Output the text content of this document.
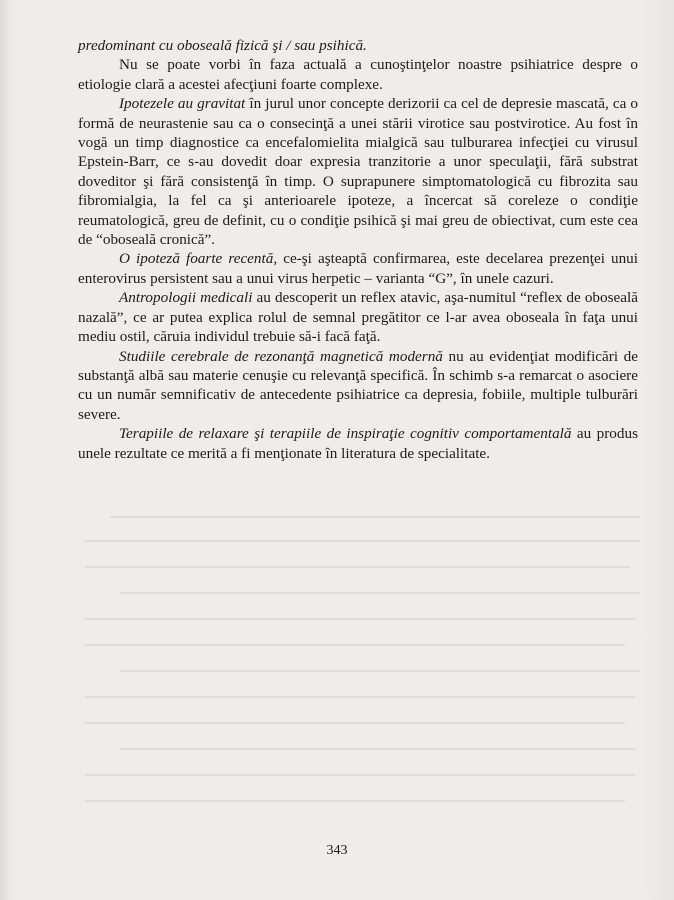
predominant cu oboseală fizică şi / sau psihică.

Nu se poate vorbi în faza actuală a cunoştinţelor noastre psihiatrice despre o etiologie clară a acestei afecţiuni foarte complexe.

Ipotezele au gravitat în jurul unor concepte derizorii ca cel de depresie mascată, ca o formă de neurastenie sau ca o consecinţă a unei stării virotice sau postvirotice. Au fost în vogă un timp diagnostice ca encefalomielita mialgică sau tulburarea infecţiei cu virusul Epstein-Barr, ce s-au dovedit doar expresia tranzitorie a unor speculaţii, fără substrat doveditor şi fără consistenţă în timp. O suprapunere simptomatologică cu fibrozita sau fibromialgia, la fel ca şi anterioarele ipoteze, a încercat să coreleze o condiţie reumatologică, greu de definit, cu o condiţie psihică şi mai greu de obiectivat, cum este cea de “oboseală cronică”.

O ipoteză foarte recentă, ce-şi aşteaptă confirmarea, este decelarea prezenţei unui enterovirus persistent sau a unui virus herpetic – varianta “G”, în unele cazuri.

Antropologii medicali au descoperit un reflex atavic, aşa-numitul “reflex de oboseală nazală”, ce ar putea explica rolul de semnal pregătitor ce l-ar avea oboseala în faţa unui mediu ostil, căruia individul trebuie să-i facă faţă.

Studiile cerebrale de rezonanţă magnetică modernă nu au evidenţiat modificări de substanţă albă sau materie cenuşie cu relevanţă specifică. În schimb s-a remarcat o asociere cu un număr semnificativ de antecedente psihiatrice ca depresia, fobiile, multiple tulburări severe.

Terapiile de relaxare şi terapiile de inspiraţie cognitiv comportamentală au produs unele rezultate ce merită a fi menţionate în literatura de specialitate.

343
